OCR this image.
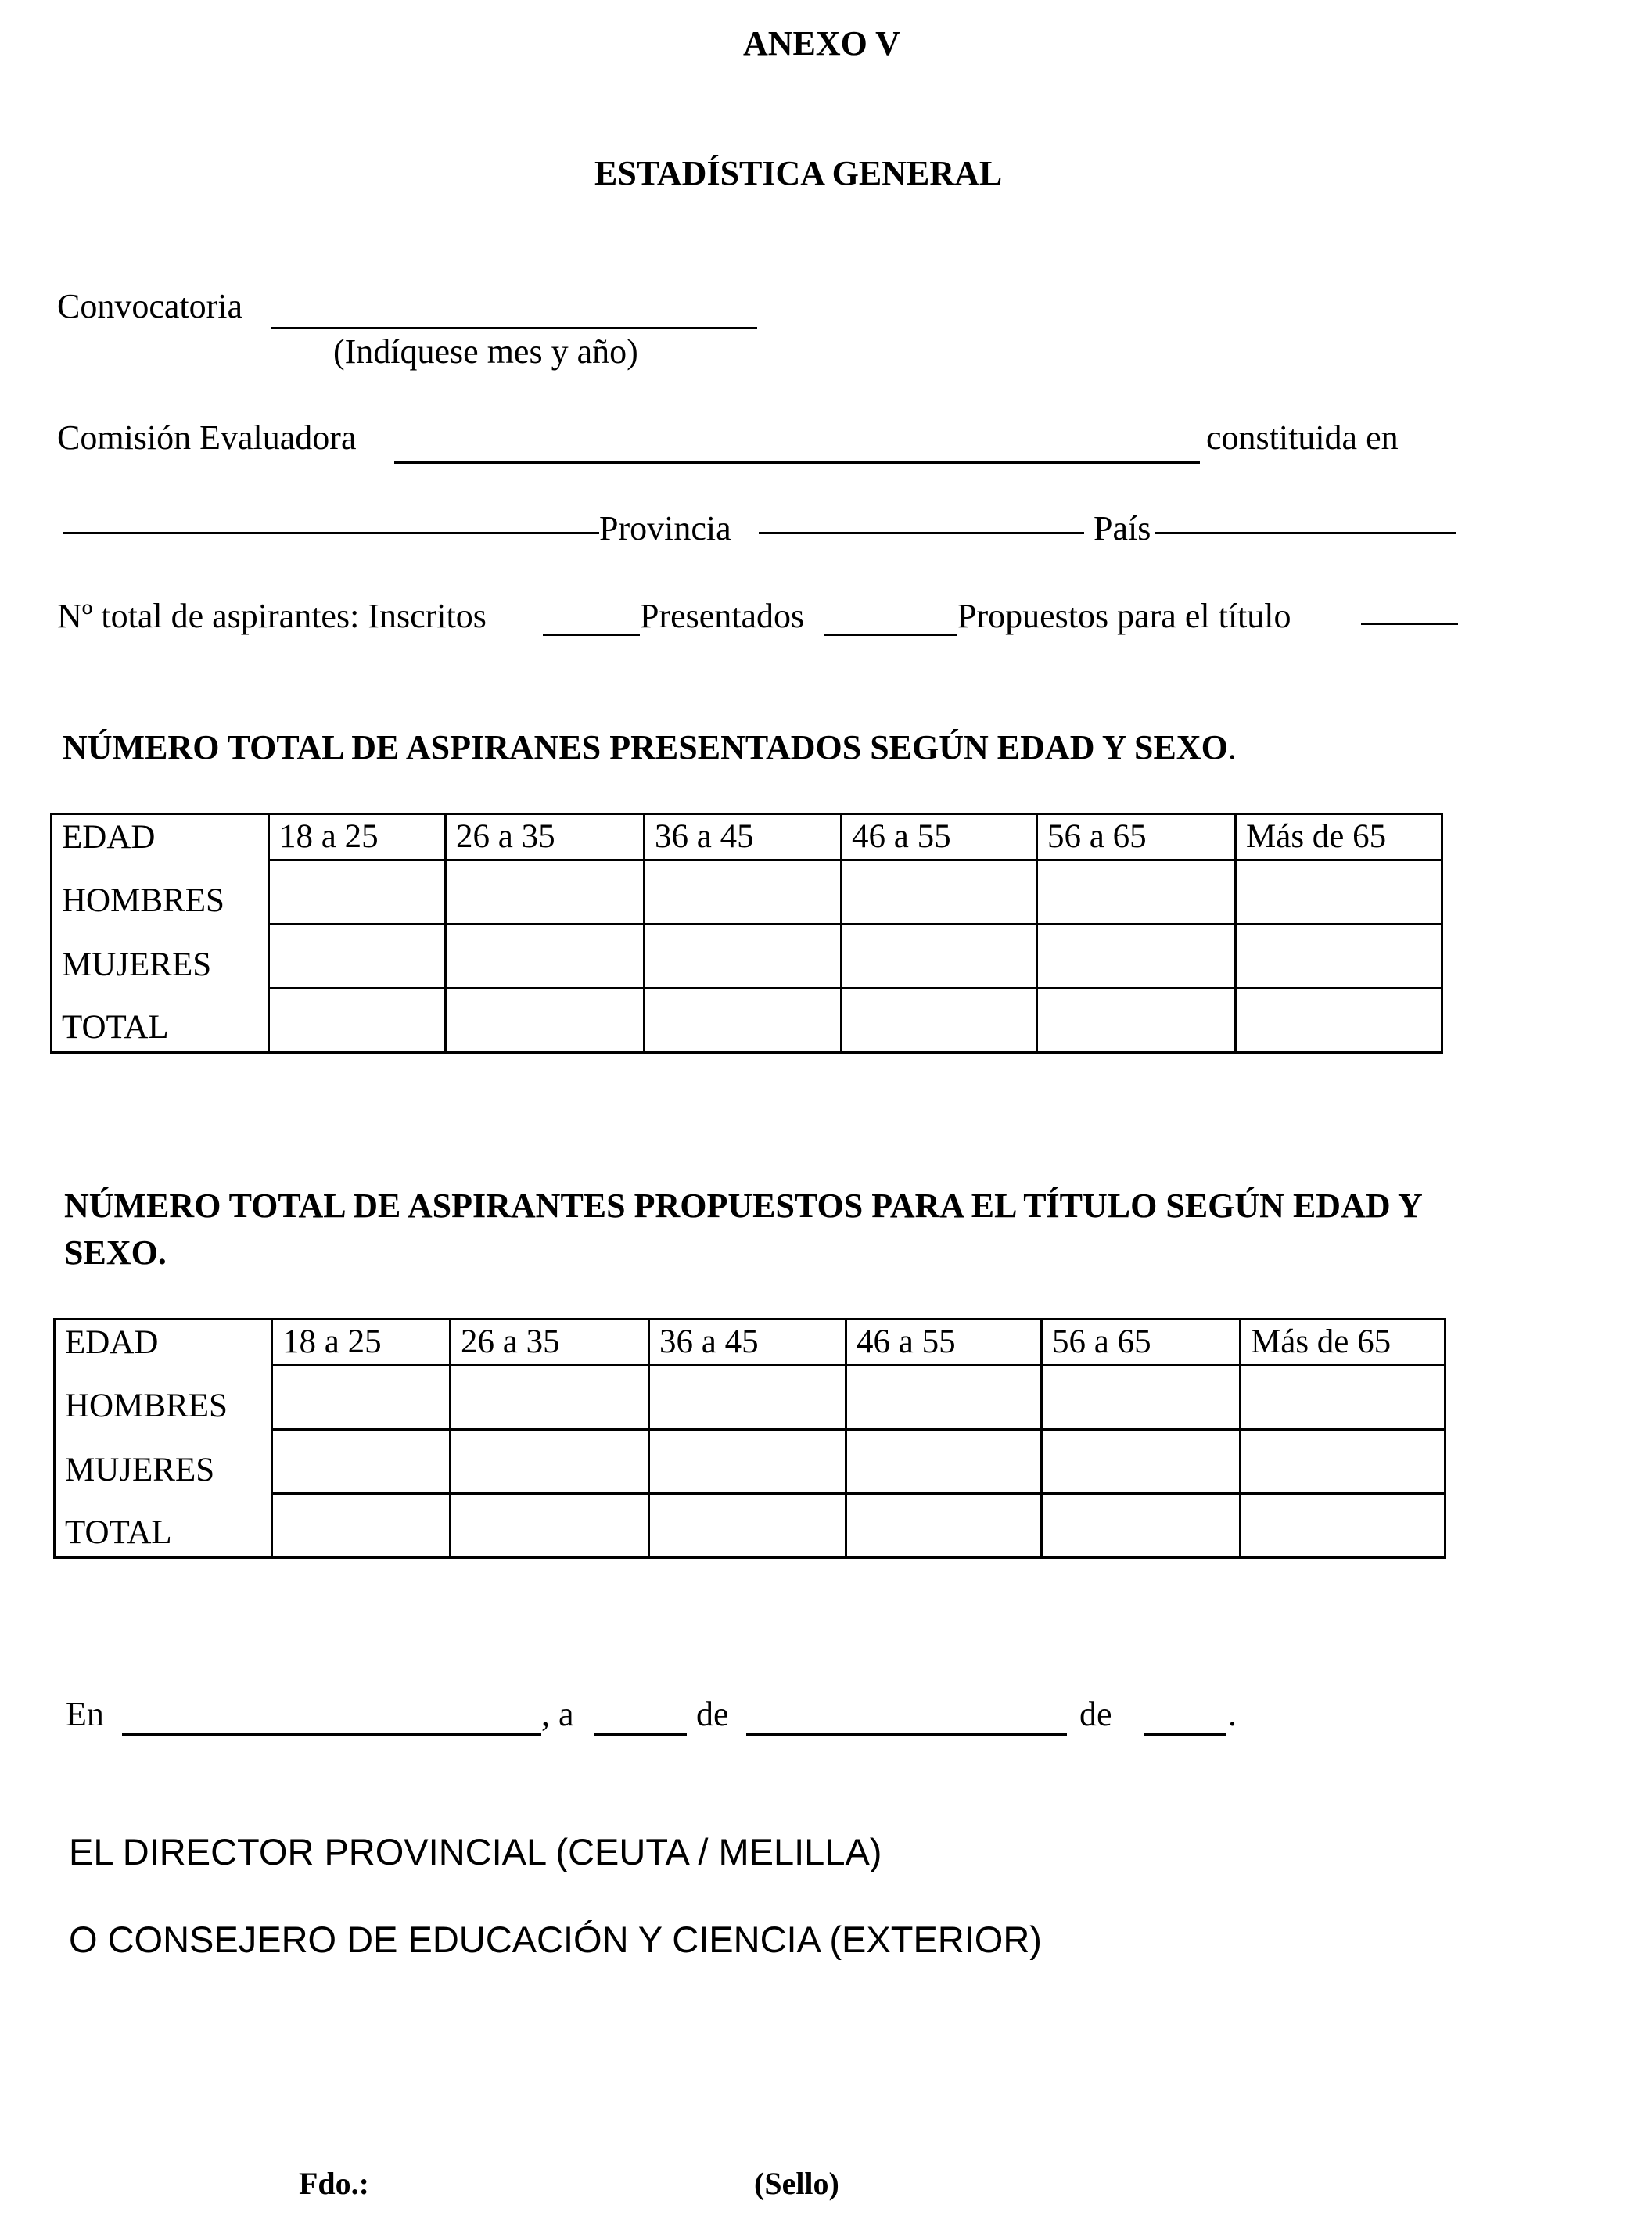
ANEXO V
ESTADÍSTICA GENERAL
Convocatoria
(Indíquese mes y año)
Comisión Evaluadora	constituida en
Provincia	País
Nº total de aspirantes: Inscritos	Presentados	Propuestos para el título
NÚMERO TOTAL DE ASPIRANES PRESENTADOS SEGÚN EDAD Y SEXO.
EDAD	18 a 25	26 a 35	36 a 45	46 a 55	56 a 65	Más de 65
HOMBRES						
MUJERES						
TOTAL						
NÚMERO TOTAL DE ASPIRANTES PROPUESTOS PARA EL TÍTULO SEGÚN EDAD Y
SEXO.
EDAD	18 a 25	26 a 35	36 a 45	46 a 55	56 a 65	Más de 65
HOMBRES						
MUJERES						
TOTAL						
En	, a	de	de	.
EL DIRECTOR PROVINCIAL (CEUTA / MELILLA)
O CONSEJERO DE EDUCACIÓN Y CIENCIA (EXTERIOR)
Fdo.:	(Sello)
